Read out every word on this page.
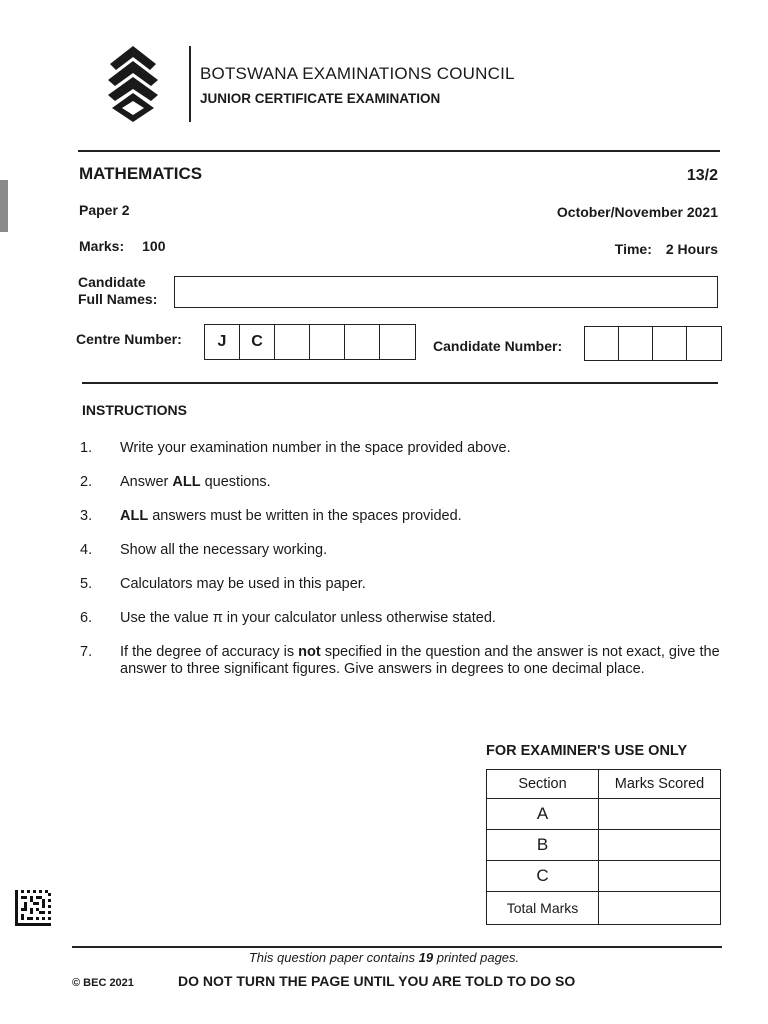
BOTSWANA EXAMINATIONS COUNCIL
JUNIOR CERTIFICATE EXAMINATION
MATHEMATICS	13/2
Paper 2	October/November 2021
Marks: 100	Time: 2 Hours
Candidate
Full Names:
Centre Number:	J	C	Candidate Number:
INSTRUCTIONS
1.	Write your examination number in the space provided above.
2.	Answer ALL questions.
3.	ALL answers must be written in the spaces provided.
4.	Show all the necessary working.
5.	Calculators may be used in this paper.
6.	Use the value π in your calculator unless otherwise stated.
7.	If the degree of accuracy is not specified in the question and the answer is not exact, give the answer to three significant figures. Give answers in degrees to one decimal place.
FOR EXAMINER'S USE ONLY
Section	Marks Scored
A	
B	
C	
Total Marks	
This question paper contains 19 printed pages.
© BEC 2021	DO NOT TURN THE PAGE UNTIL YOU ARE TOLD TO DO SO
